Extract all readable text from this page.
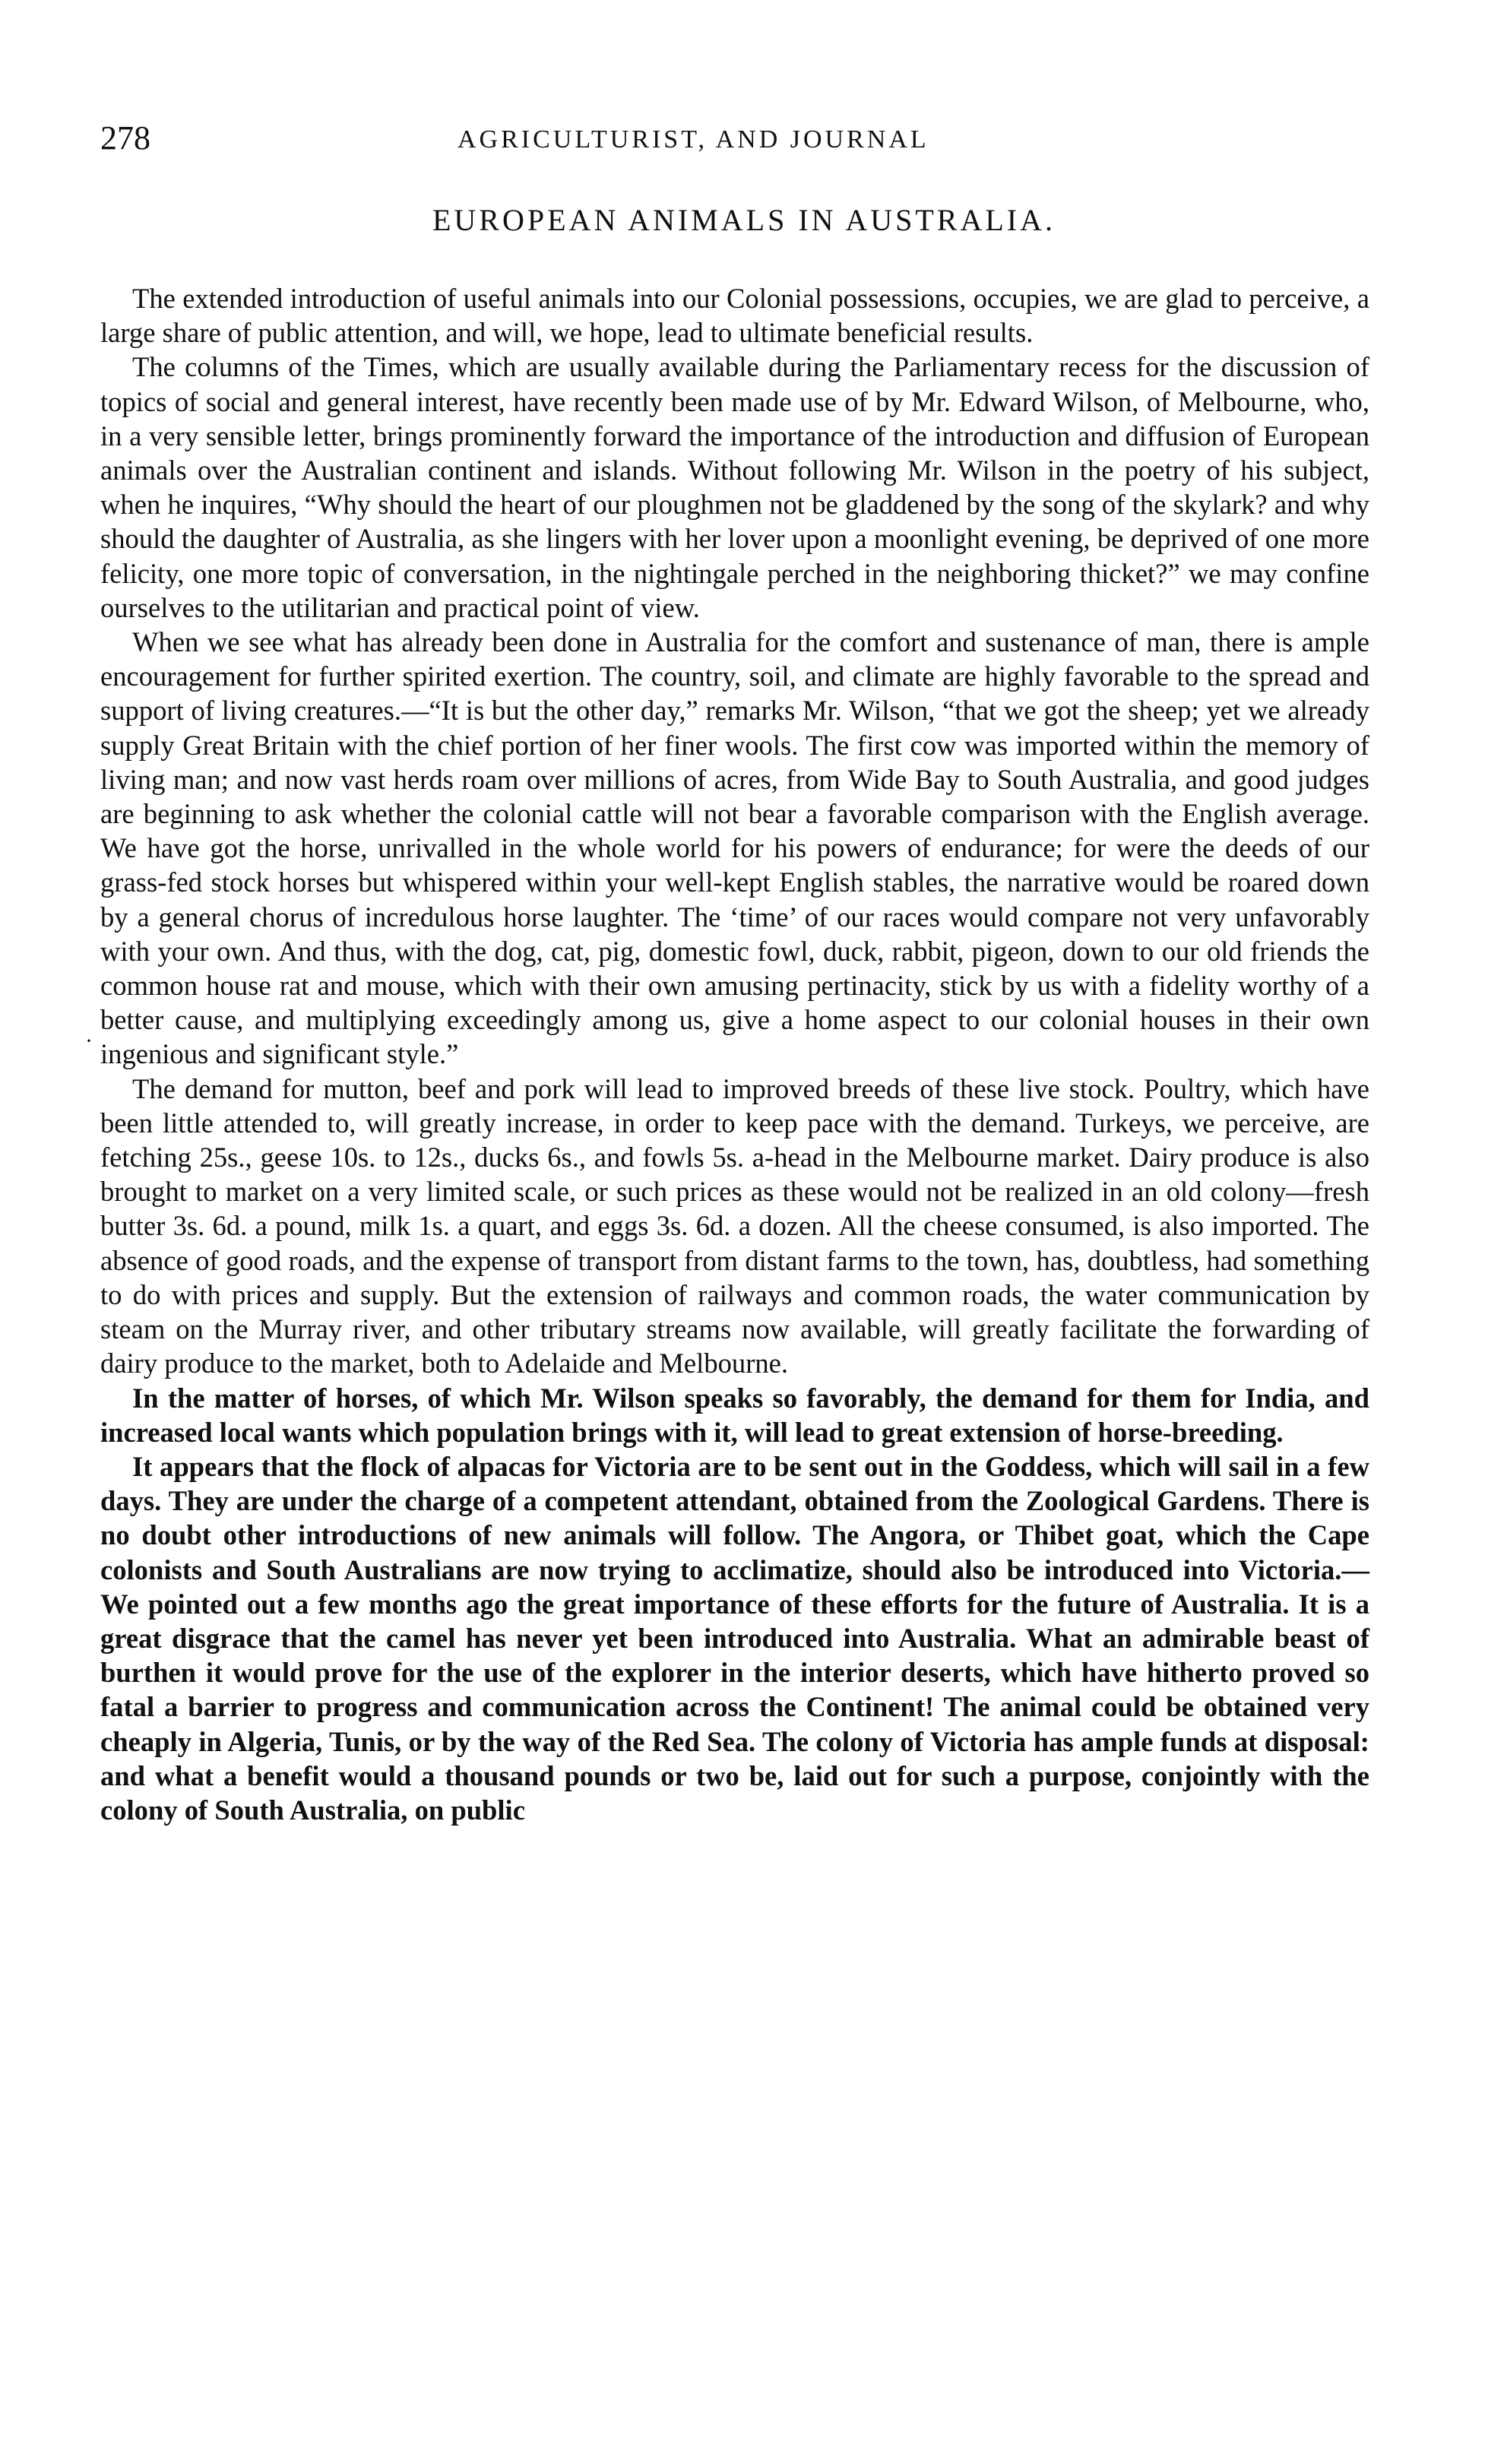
278	AGRICULTURIST, AND JOURNAL
EUROPEAN ANIMALS IN AUSTRALIA.
·

The extended introduction of useful animals into our Colonial possessions, occupies, we are glad to perceive, a large share of public attention, and will, we hope, lead to ultimate beneficial results.

The columns of the Times, which are usually available during the Parliamentary recess for the discussion of topics of social and general interest, have recently been made use of by Mr. Edward Wilson, of Melbourne, who, in a very sensible letter, brings prominently forward the importance of the introduction and diffusion of European animals over the Australian continent and islands. Without following Mr. Wilson in the poetry of his subject, when he inquires, “Why should the heart of our ploughmen not be gladdened by the song of the skylark? and why should the daughter of Australia, as she lingers with her lover upon a moonlight evening, be deprived of one more felicity, one more topic of conversation, in the nightingale perched in the neighboring thicket?” we may confine ourselves to the utilitarian and practical point of view.

When we see what has already been done in Australia for the comfort and sustenance of man, there is ample encouragement for further spirited exertion. The country, soil, and climate are highly favorable to the spread and support of living creatures.—“It is but the other day,” remarks Mr. Wilson, “that we got the sheep; yet we already supply Great Britain with the chief portion of her finer wools. The first cow was imported within the memory of living man; and now vast herds roam over millions of acres, from Wide Bay to South Australia, and good judges are beginning to ask whether the colonial cattle will not bear a favorable comparison with the English average. We have got the horse, unrivalled in the whole world for his powers of endurance; for were the deeds of our grass-fed stock horses but whispered within your well-kept English stables, the narrative would be roared down by a general chorus of incredulous horse laughter. The ‘time’ of our races would compare not very unfavorably with your own. And thus, with the dog, cat, pig, domestic fowl, duck, rabbit, pigeon, down to our old friends the common house rat and mouse, which with their own amusing pertinacity, stick by us with a fidelity worthy of a better cause, and multiplying exceedingly among us, give a home aspect to our colonial houses in their own ingenious and significant style.”

The demand for mutton, beef and pork will lead to improved breeds of these live stock. Poultry, which have been little attended to, will greatly increase, in order to keep pace with the demand. Turkeys, we perceive, are fetching 25s., geese 10s. to 12s., ducks 6s., and fowls 5s. a-head in the Melbourne market. Dairy produce is also brought to market on a very limited scale, or such prices as these would not be realized in an old colony—fresh butter 3s. 6d. a pound, milk 1s. a quart, and eggs 3s. 6d. a dozen. All the cheese consumed, is also imported. The absence of good roads, and the expense of transport from distant farms to the town, has, doubtless, had something to do with prices and supply. But the extension of railways and common roads, the water communication by steam on the Murray river, and other tributary streams now available, will greatly facilitate the forwarding of dairy produce to the market, both to Adelaide and Melbourne.

In the matter of horses, of which Mr. Wilson speaks so favorably, the demand for them for India, and increased local wants which population brings with it, will lead to great extension of horse-breeding.

It appears that the flock of alpacas for Victoria are to be sent out in the Goddess, which will sail in a few days. They are under the charge of a competent attendant, obtained from the Zoological Gardens. There is no doubt other introductions of new animals will follow. The Angora, or Thibet goat, which the Cape colonists and South Australians are now trying to acclimatize, should also be introduced into Victoria.—We pointed out a few months ago the great importance of these efforts for the future of Australia. It is a great disgrace that the camel has never yet been introduced into Australia. What an admirable beast of burthen it would prove for the use of the explorer in the interior deserts, which have hitherto proved so fatal a barrier to progress and communication across the Continent! The animal could be obtained very cheaply in Algeria, Tunis, or by the way of the Red Sea. The colony of Victoria has ample funds at disposal: and what a benefit would a thousand pounds or two be, laid out for such a purpose, conjointly with the colony of South Australia, on public
